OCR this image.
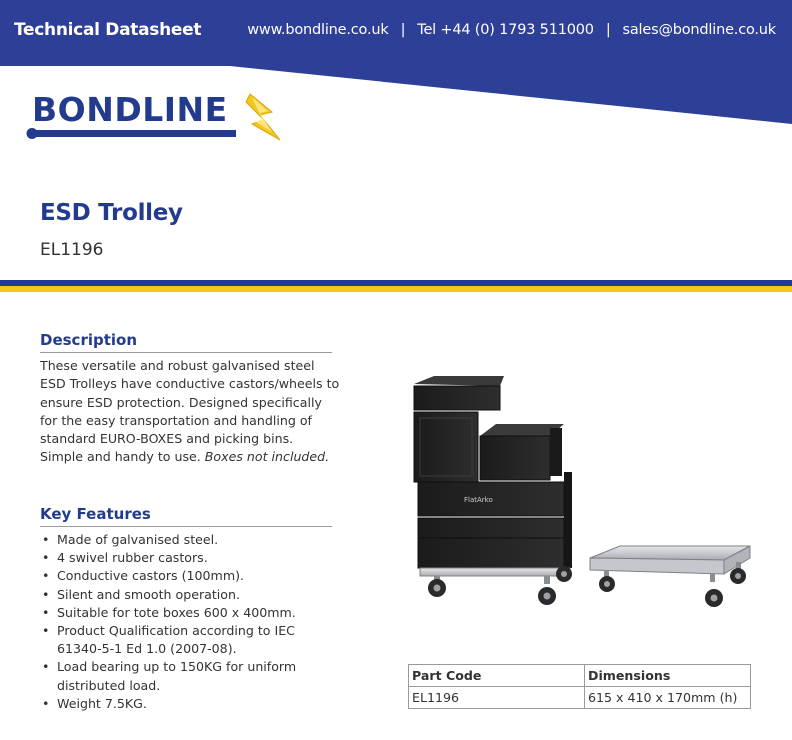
Technical Datasheet	www.bondline.co.uk | Tel +44 (0) 1793 511000 | sales@bondline.co.uk
BONDLINE
ESD Trolley
EL1196
Description

These versatile and robust galvanised steel ESD Trolleys have conductive castors/wheels to ensure ESD protection. Designed specifically for the easy transportation and handling of standard EURO-BOXES and picking bins. Simple and handy to use. Boxes not included.

Key Features
• Made of galvanised steel.
• 4 swivel rubber castors.
• Conductive castors (100mm).
• Silent and smooth operation.
• Suitable for tote boxes 600 x 400mm.
• Product Qualification according to IEC 61340-5-1 Ed 1.0 (2007-08).
• Load bearing up to 150KG for uniform distributed load.
• Weight 7.5KG.
FlatArko
Part Code	Dimensions
EL1196	615 x 410 x 170mm (h)
